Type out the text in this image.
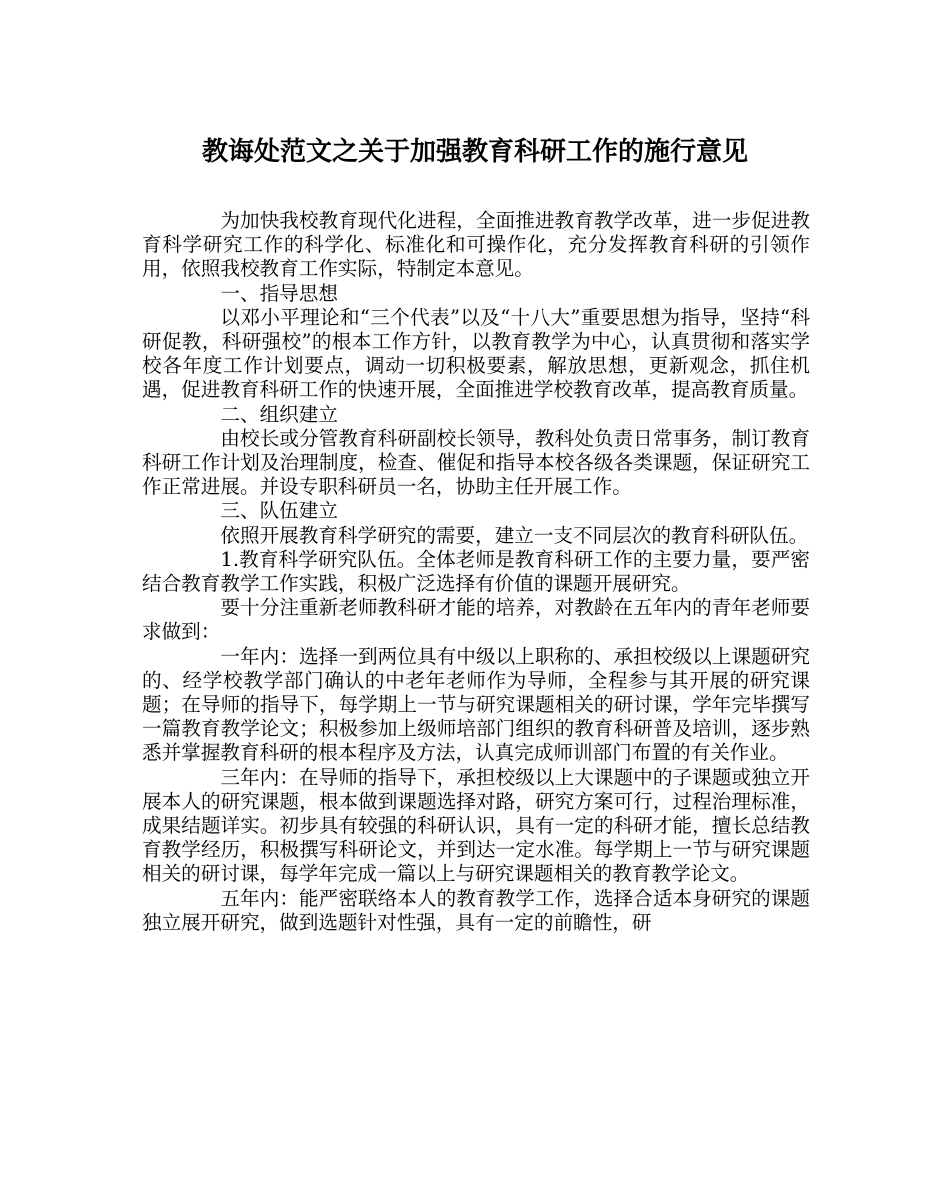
教诲处范文之关于加强教育科研工作的施行意见

为加快我校教育现代化进程，全面推进教育教学改革，进一步促进教育科学研究工作的科学化、标准化和可操作化，充分发挥教育科研的引领作用，依照我校教育工作实际，特制定本意见。

一、指导思想

以邓小平理论和“三个代表”以及“十八大”重要思想为指导，坚持“科研促教，科研强校”的根本工作方针，以教育教学为中心，认真贯彻和落实学校各年度工作计划要点，调动一切积极要素，解放思想，更新观念，抓住机遇，促进教育科研工作的快速开展，全面推进学校教育改革，提高教育质量。

二、组织建立

由校长或分管教育科研副校长领导，教科处负责日常事务，制订教育科研工作计划及治理制度，检查、催促和指导本校各级各类课题，保证研究工作正常进展。并设专职科研员一名，协助主任开展工作。

三、队伍建立

依照开展教育科学研究的需要，建立一支不同层次的教育科研队伍。

1.教育科学研究队伍。全体老师是教育科研工作的主要力量，要严密结合教育教学工作实践，积极广泛选择有价值的课题开展研究。

要十分注重新老师教科研才能的培养，对教龄在五年内的青年老师要求做到：

一年内：选择一到两位具有中级以上职称的、承担校级以上课题研究的、经学校教学部门确认的中老年老师作为导师，全程参与其开展的研究课题；在导师的指导下，每学期上一节与研究课题相关的研讨课，学年完毕撰写一篇教育教学论文；积极参加上级师培部门组织的教育科研普及培训，逐步熟悉并掌握教育科研的根本程序及方法，认真完成师训部门布置的有关作业。

三年内：在导师的指导下，承担校级以上大课题中的子课题或独立开展本人的研究课题，根本做到课题选择对路，研究方案可行，过程治理标准，成果结题详实。初步具有较强的科研认识，具有一定的科研才能，擅长总结教育教学经历，积极撰写科研论文，并到达一定水准。每学期上一节与研究课题相关的研讨课，每学年完成一篇以上与研究课题相关的教育教学论文。

五年内：能严密联络本人的教育教学工作，选择合适本身研究的课题独立展开研究，做到选题针对性强，具有一定的前瞻性，研
